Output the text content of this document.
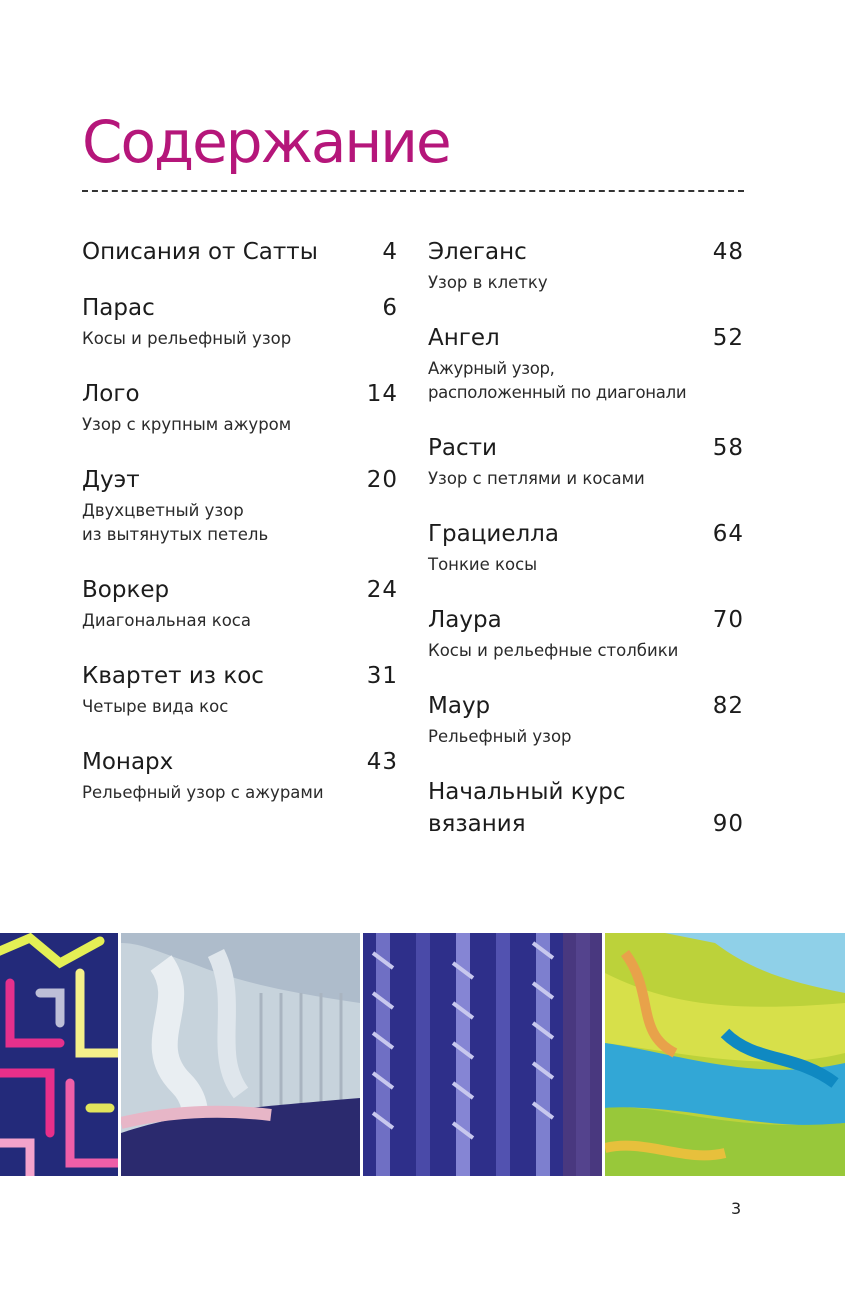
Содержание
Описания от Сатты	4
Парас	6
Косы и рельефный узор
Лого	14
Узор с крупным ажуром
Дуэт	20
Двухцветный узор
из вытянутых петель
Воркер	24
Диагональная коса
Квартет из кос	31
Четыре вида кос
Монарх	43
Рельефный узор с ажурами
Элеганс	48
Узор в клетку
Ангел	52
Ажурный узор,
расположенный по диагонали
Расти	58
Узор с петлями и косами
Грациелла	64
Тонкие косы
Лаура	70
Косы и рельефные столбики
Маур	82
Рельефный узор
Начальный курс вязания	90
3
